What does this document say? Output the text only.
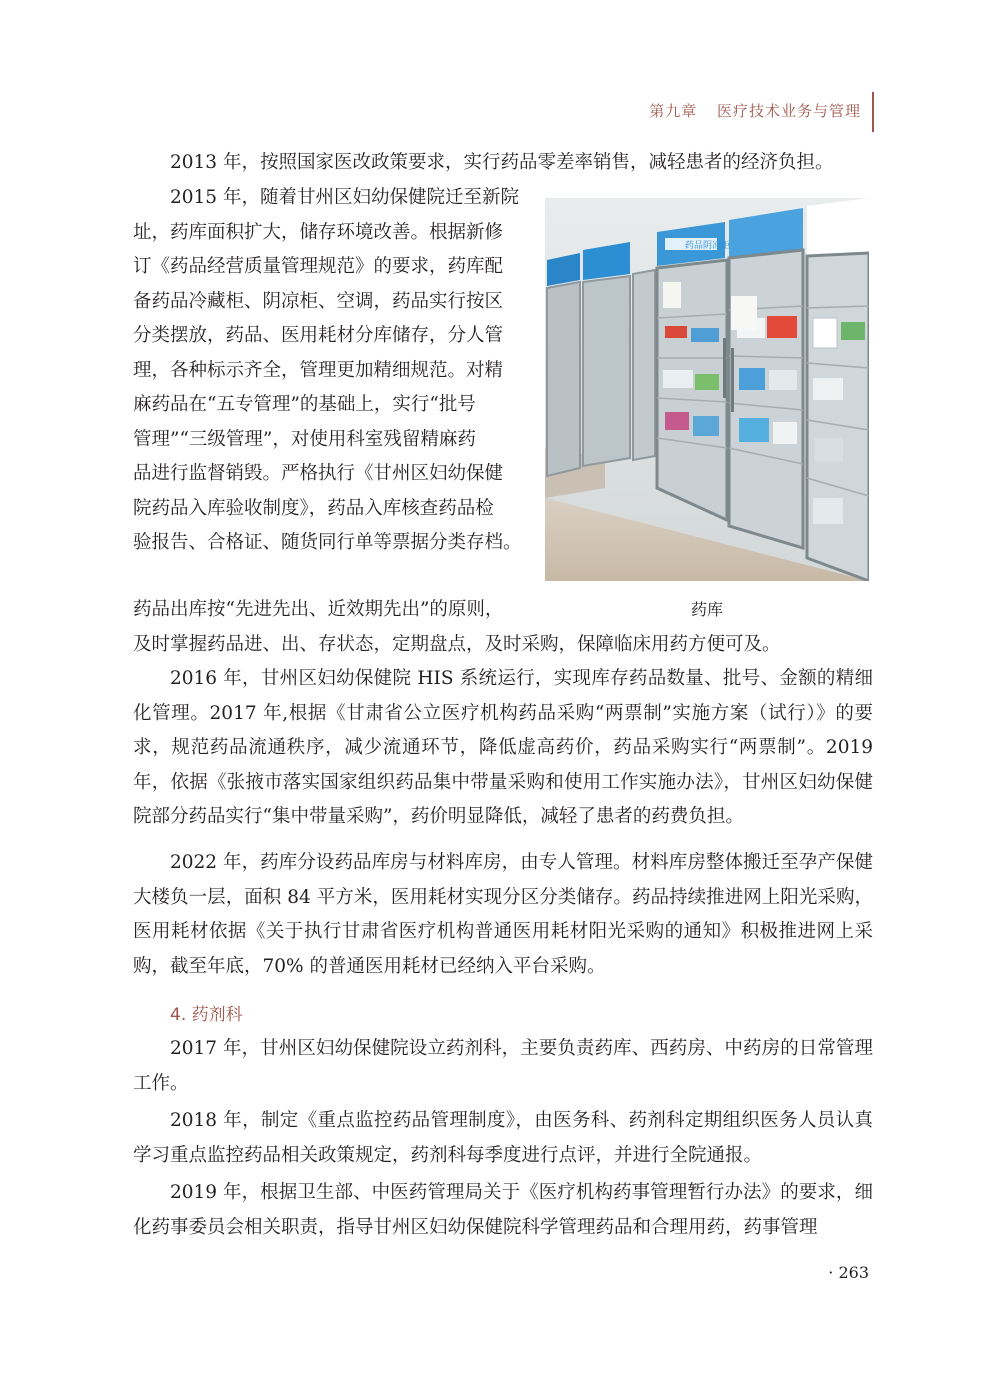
第九章 医疗技术业务与管理
2013 年，按照国家医改政策要求，实行药品零差率销售，减轻患者的经济负担。
2015 年，随着甘州区妇幼保健院迁至新院
址，药库面积扩大，储存环境改善。根据新修
订《药品经营质量管理规范》的要求，药库配
备药品冷藏柜、阴凉柜、空调，药品实行按区
分类摆放，药品、医用耗材分库储存，分人管
理，各种标示齐全，管理更加精细规范。对精
麻药品在“五专管理”的基础上，实行“批号
管理”“三级管理”，对使用科室残留精麻药
品进行监督销毁。严格执行《甘州区妇幼保健
院药品入库验收制度》，药品入库核查药品检
验报告、合格证、随货同行单等票据分类存档。
药品出库按“先进先出、近效期先出”的原则，
及时掌握药品进、出、存状态，定期盘点，及时采购，保障临床用药方便可及。
药品阴凉柜
药库
2016 年，甘州区妇幼保健院 HIS 系统运行，实现库存药品数量、批号、金额的精细化管理。2017 年,根据《甘肃省公立医疗机构药品采购“两票制”实施方案（试行）》的要求，规范药品流通秩序，减少流通环节，降低虚高药价，药品采购实行“两票制”。2019 年，依据《张掖市落实国家组织药品集中带量采购和使用工作实施办法》，甘州区妇幼保健院部分药品实行“集中带量采购”，药价明显降低，减轻了患者的药费负担。
2022 年，药库分设药品库房与材料库房，由专人管理。材料库房整体搬迁至孕产保健大楼负一层，面积 84 平方米，医用耗材实现分区分类储存。药品持续推进网上阳光采购，医用耗材依据《关于执行甘肃省医疗机构普通医用耗材阳光采购的通知》积极推进网上采购，截至年底，70% 的普通医用耗材已经纳入平台采购。
4. 药剂科
2017 年，甘州区妇幼保健院设立药剂科，主要负责药库、西药房、中药房的日常管理工作。
2018 年，制定《重点监控药品管理制度》，由医务科、药剂科定期组织医务人员认真学习重点监控药品相关政策规定，药剂科每季度进行点评，并进行全院通报。
2019 年，根据卫生部、中医药管理局关于《医疗机构药事管理暂行办法》的要求，细化药事委员会相关职责，指导甘州区妇幼保健院科学管理药品和合理用药，药事管理
· 263
